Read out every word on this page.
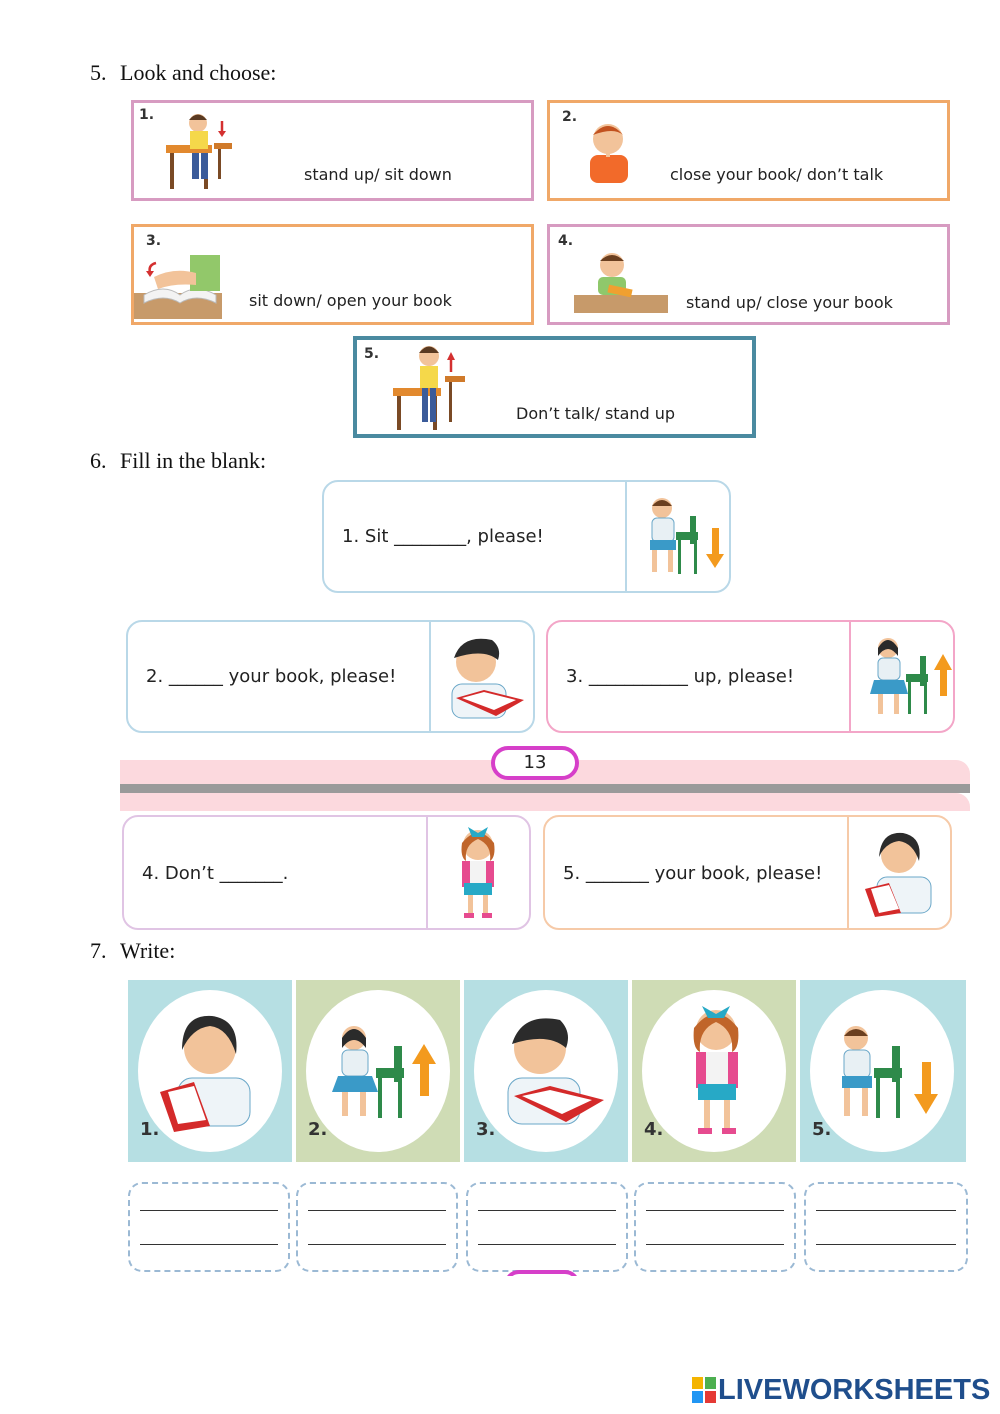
5. Look and choose:
1.
stand up/ sit down
2.
close your book/ don’t talk
3.
sit down/ open your book
4.
stand up/ close your book
5.
Don’t talk/ stand up
6. Fill in the blank:
1. Sit ________, please!
2. ______ your book, please!	3. ___________ up, please!
13
4. Don’t _______.	5. _______ your book, please!
7. Write:
1.	2.	3.	4.	5.
LIVEWORKSHEETS
